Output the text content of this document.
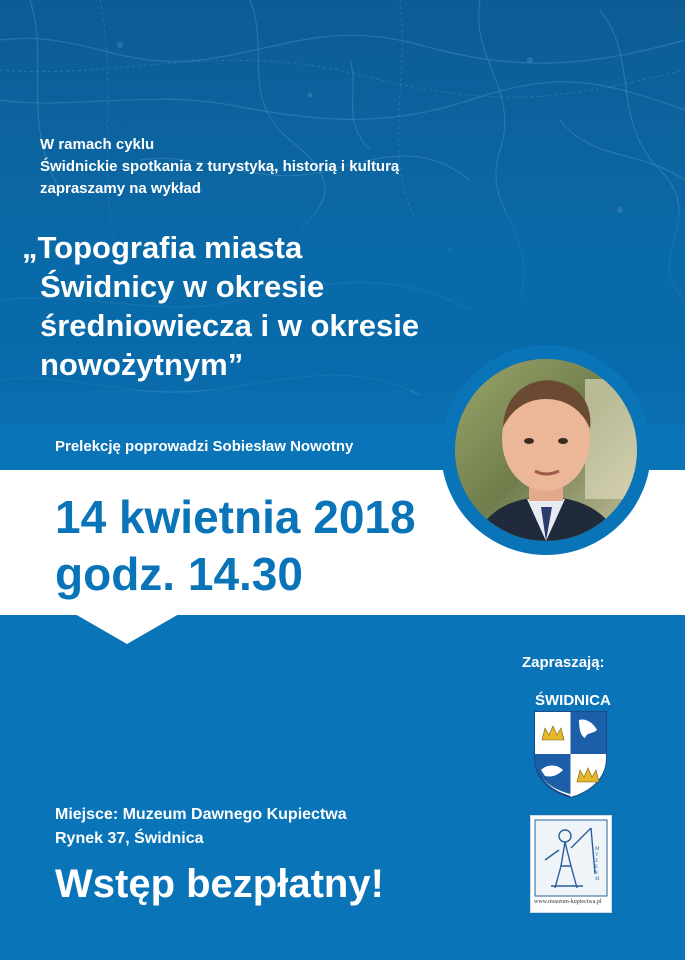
W ramach cyklu
Świdnickie spotkania z turystyką, historią i kulturą
zapraszamy na wykład
„Topografia miasta
Świdnicy w okresie
średniowiecza i w okresie
nowożytnym”
Prelekcję poprowadzi Sobiesław Nowotny
14 kwietnia 2018
godz. 14.30
Zapraszają:
ŚWIDNICA
M
V
Z
E
V
M
www.muzeum-kupiectwa.pl
Miejsce: Muzeum Dawnego Kupiectwa
Rynek 37, Świdnica
Wstęp bezpłatny!
